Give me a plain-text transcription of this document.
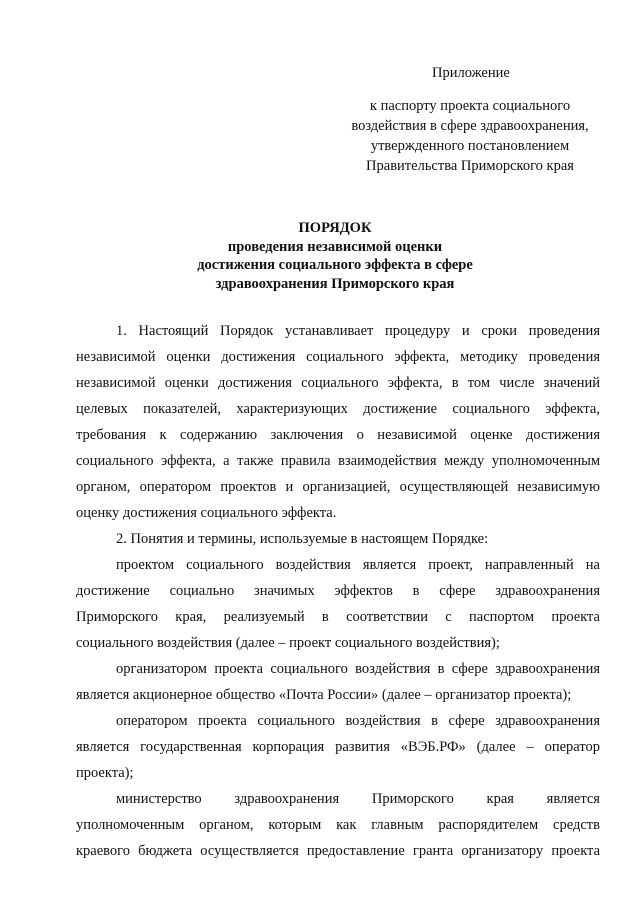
Приложение
к паспорту проекта социального
воздействия в сфере здравоохранения,
утвержденного постановлением
Правительства Приморского края
ПОРЯДОК
проведения независимой оценки
достижения социального эффекта в сфере
здравоохранения Приморского края
1. Настоящий Порядок устанавливает процедуру и сроки проведения
независимой оценки достижения социального эффекта, методику проведения
независимой оценки достижения социального эффекта, в том числе значений
целевых показателей, характеризующих достижение социального эффекта,
требования к содержанию заключения о независимой оценке достижения
социального эффекта, а также правила взаимодействия между уполномоченным
органом, оператором проектов и организацией, осуществляющей независимую
оценку достижения социального эффекта.
2. Понятия и термины, используемые в настоящем Порядке:
проектом социального воздействия является проект, направленный на
достижение социально значимых эффектов в сфере здравоохранения
Приморского края, реализуемый в соответствии с паспортом проекта
социального воздействия (далее – проект социального воздействия);
организатором проекта социального воздействия в сфере здравоохранения
является акционерное общество «Почта России» (далее – организатор проекта);
оператором проекта социального воздействия в сфере здравоохранения
является государственная корпорация развития «ВЭБ.РФ» (далее – оператор
проекта);
министерство здравоохранения Приморского края является
уполномоченным органом, которым как главным распорядителем средств
краевого бюджета осуществляется предоставление гранта организатору проекта
